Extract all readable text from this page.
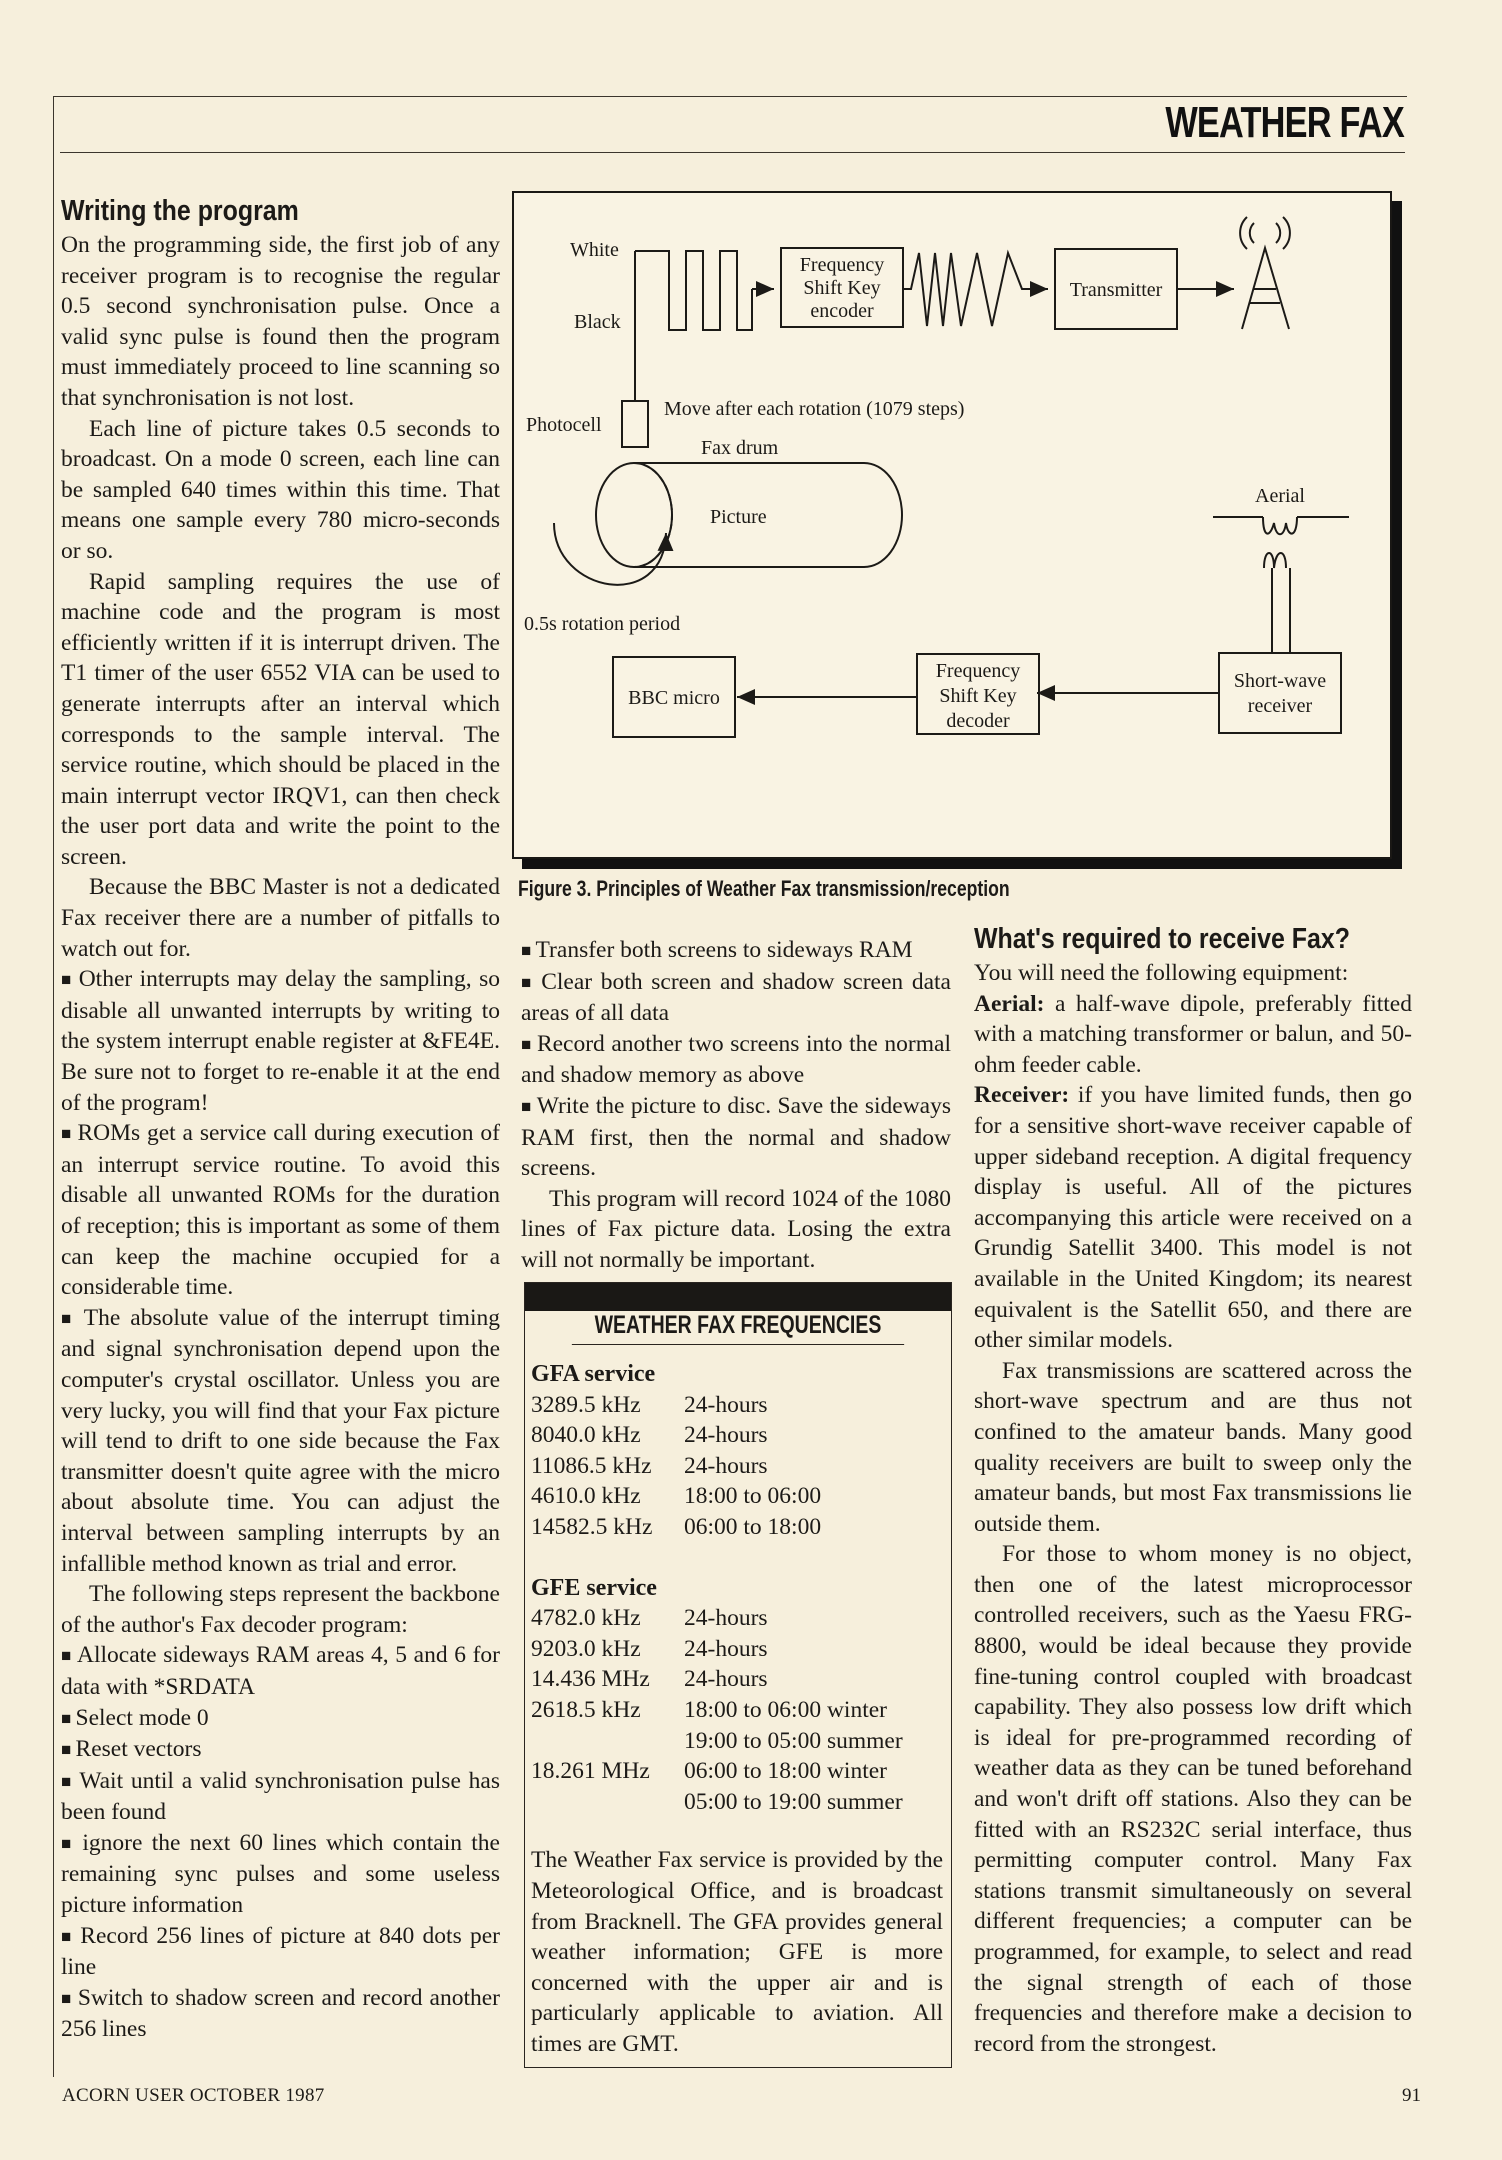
WEATHER FAX
Writing the program

On the programming side, the first job of any receiver program is to recognise the regular 0.5 second synchronisation pulse. Once a valid sync pulse is found then the program must immediately proceed to line scanning so that synchronisation is not lost.

Each line of picture takes 0.5 seconds to broadcast. On a mode 0 screen, each line can be sampled 640 times within this time. That means one sample every 780 micro-seconds or so.

Rapid sampling requires the use of machine code and the program is most efficiently written if it is interrupt driven. The T1 timer of the user 6552 VIA can be used to generate interrupts after an interval which corresponds to the sample interval. The service routine, which should be placed in the main interrupt vector IRQV1, can then check the user port data and write the point to the screen.

Because the BBC Master is not a dedicated Fax receiver there are a number of pitfalls to watch out for.

■ Other interrupts may delay the sampling, so disable all unwanted interrupts by writing to the system interrupt enable register at &FE4E. Be sure not to forget to re-enable it at the end of the program!

■ ROMs get a service call during execution of an interrupt service routine. To avoid this disable all unwanted ROMs for the duration of reception; this is important as some of them can keep the machine occupied for a considerable time.

■ The absolute value of the interrupt timing and signal synchronisation depend upon the computer's crystal oscillator. Unless you are very lucky, you will find that your Fax picture will tend to drift to one side because the Fax transmitter doesn't quite agree with the micro about absolute time. You can adjust the interval between sampling interrupts by an infallible method known as trial and error.

The following steps represent the backbone of the author's Fax decoder program:

■ Allocate sideways RAM areas 4, 5 and 6 for data with *SRDATA

■ Select mode 0

■ Reset vectors

■ Wait until a valid synchronisation pulse has been found

■ ignore the next 60 lines which contain the remaining sync pulses and some useless picture information

■ Record 256 lines of picture at 840 dots per line

■ Switch to shadow screen and record another 256 lines

White
Black
Frequency
Shift Key
encoder
Transmitter
Photocell
Move after each rotation (1079 steps)
Fax drum
Picture
0.5s rotation period
Aerial
BBC micro
Frequency
Shift Key
decoder
Short-wave
receiver
Figure 3. Principles of Weather Fax transmission/reception

■ Transfer both screens to sideways RAM

■ Clear both screen and shadow screen data areas of all data

■ Record another two screens into the normal and shadow memory as above

■ Write the picture to disc. Save the sideways RAM first, then the normal and shadow screens.

This program will record 1024 of the 1080 lines of Fax picture data. Losing the extra will not normally be important.

WEATHER FAX FREQUENCIES
GFA service
3289.5 kHz	24-hours
8040.0 kHz	24-hours
11086.5 kHz	24-hours
4610.0 kHz	18:00 to 06:00
14582.5 kHz	06:00 to 18:00
GFE service
4782.0 kHz	24-hours
9203.0 kHz	24-hours
14.436 MHz	24-hours
2618.5 kHz	18:00 to 06:00 winter
19:00 to 05:00 summer
18.261 MHz	06:00 to 18:00 winter
05:00 to 19:00 summer
The Weather Fax service is provided by the Meteorological Office, and is broadcast from Bracknell. The GFA provides general weather information; GFE is more concerned with the upper air and is particularly applicable to aviation. All times are GMT.
What's required to receive Fax?

You will need the following equipment:

Aerial: a half-wave dipole, preferably fitted with a matching transformer or balun, and 50-ohm feeder cable.

Receiver: if you have limited funds, then go for a sensitive short-wave receiver capable of upper sideband reception. A digital frequency display is useful. All of the pictures accompanying this article were received on a Grundig Satellit 3400. This model is not available in the United Kingdom; its nearest equivalent is the Satellit 650, and there are other similar models.

Fax transmissions are scattered across the short-wave spectrum and are thus not confined to the amateur bands. Many good quality receivers are built to sweep only the amateur bands, but most Fax transmissions lie outside them.

For those to whom money is no object, then one of the latest microprocessor controlled receivers, such as the Yaesu FRG-8800, would be ideal because they provide fine-tuning control coupled with broadcast capability. They also possess low drift which is ideal for pre-programmed recording of weather data as they can be tuned beforehand and won't drift off stations. Also they can be fitted with an RS232C serial interface, thus permitting computer control. Many Fax stations transmit simultaneously on several different frequencies; a computer can be programmed, for example, to select and read the signal strength of each of those frequencies and therefore make a decision to record from the strongest.

ACORN USER OCTOBER 1987	91
